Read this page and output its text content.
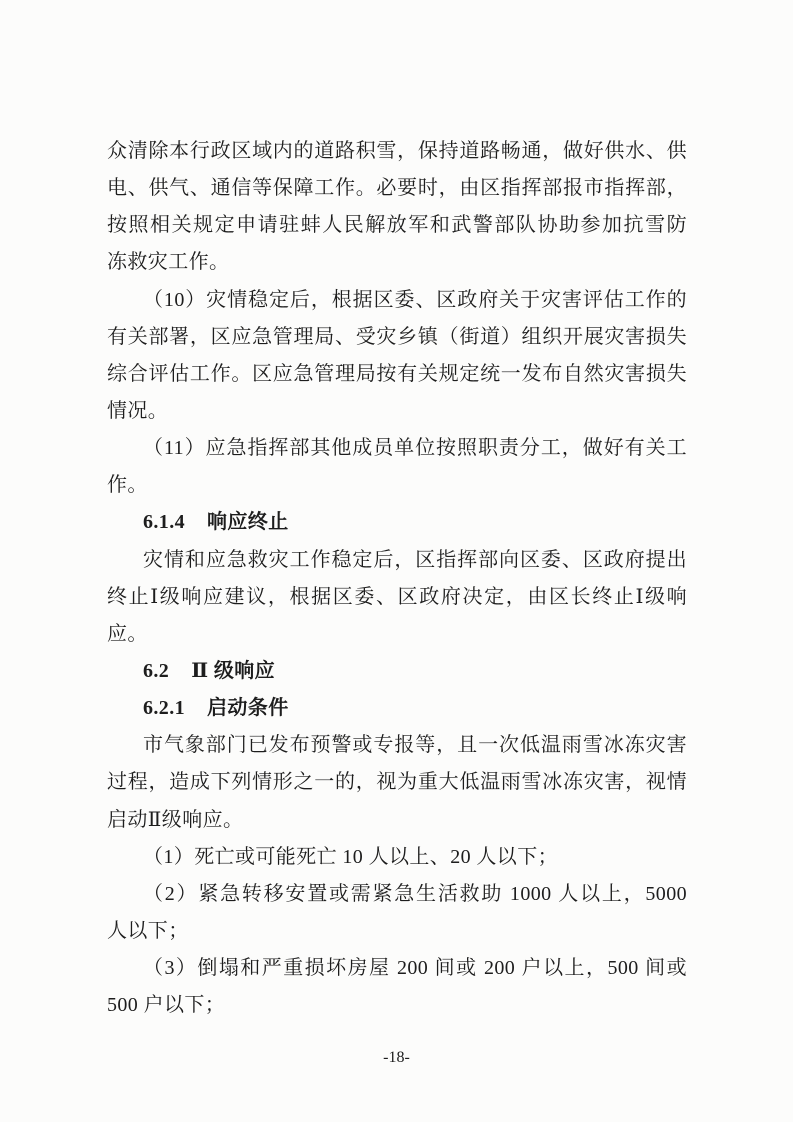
众清除本行政区域内的道路积雪，保持道路畅通，做好供水、供
电、供气、通信等保障工作。必要时，由区指挥部报市指挥部，
按照相关规定申请驻蚌人民解放军和武警部队协助参加抗雪防
冻救灾工作。
（10）灾情稳定后，根据区委、区政府关于灾害评估工作的
有关部署，区应急管理局、受灾乡镇（街道）组织开展灾害损失
综合评估工作。区应急管理局按有关规定统一发布自然灾害损失
情况。
（11）应急指挥部其他成员单位按照职责分工，做好有关工
作。
6.1.4 响应终止
灾情和应急救灾工作稳定后，区指挥部向区委、区政府提出
终止Ⅰ级响应建议，根据区委、区政府决定，由区长终止Ⅰ级响
应。
6.2 Ⅱ 级响应
6.2.1 启动条件
市气象部门已发布预警或专报等，且一次低温雨雪冰冻灾害
过程，造成下列情形之一的，视为重大低温雨雪冰冻灾害，视情
启动Ⅱ级响应。
（1）死亡或可能死亡 10 人以上、20 人以下；
（2）紧急转移安置或需紧急生活救助 1000 人以上，5000
人以下；
（3）倒塌和严重损坏房屋 200 间或 200 户以上，500 间或
500 户以下；
-18-
